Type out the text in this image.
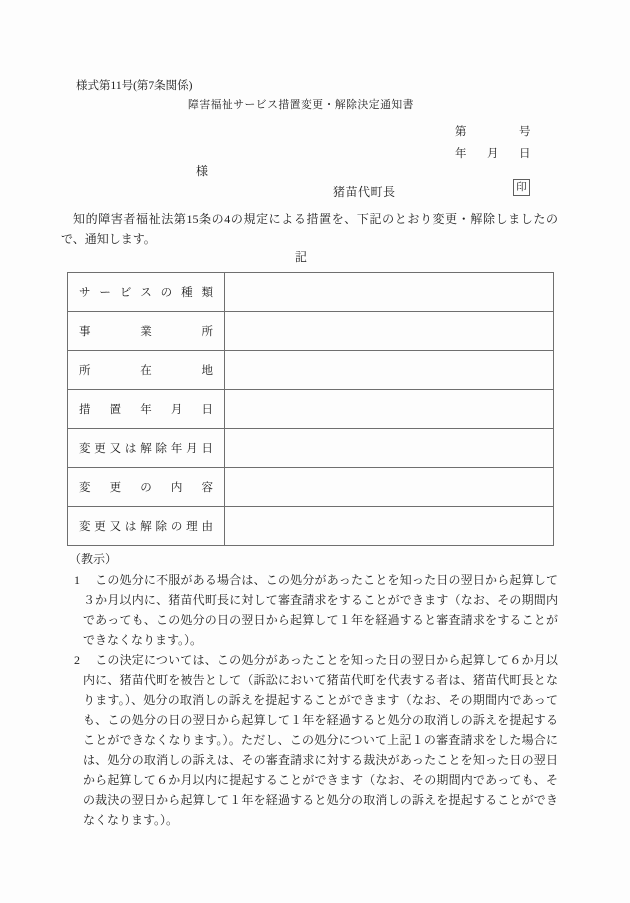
様式第11号(第7条関係)
障害福祉サービス措置変更・解除決定通知書
第	号
年 月 日
様
猪苗代町長	印
知的障害者福祉法第15条の4の規定による措置を、下記のとおり変更・解除しましたので、通知します。
記
サービスの種類	
事業所	
所在地	
措置年月日	
変更又は解除年月日	
変更の内容	
変更又は解除の理由	
（教示）

1 この処分に不服がある場合は、この処分があったことを知った日の翌日から起算して３か月以内に、猪苗代町長に対して審査請求をすることができます（なお、その期間内であっても、この処分の日の翌日から起算して１年を経過すると審査請求をすることができなくなります。）。

2 この決定については、この処分があったことを知った日の翌日から起算して６か月以内に、猪苗代町を被告として（訴訟において猪苗代町を代表する者は、猪苗代町長となります。）、処分の取消しの訴えを提起することができます（なお、その期間内であっても、この処分の日の翌日から起算して１年を経過すると処分の取消しの訴えを提起することができなくなります。）。ただし、この処分について上記１の審査請求をした場合には、処分の取消しの訴えは、その審査請求に対する裁決があったことを知った日の翌日から起算して６か月以内に提起することができます（なお、その期間内であっても、その裁決の翌日から起算して１年を経過すると処分の取消しの訴えを提起することができなくなります。）。
